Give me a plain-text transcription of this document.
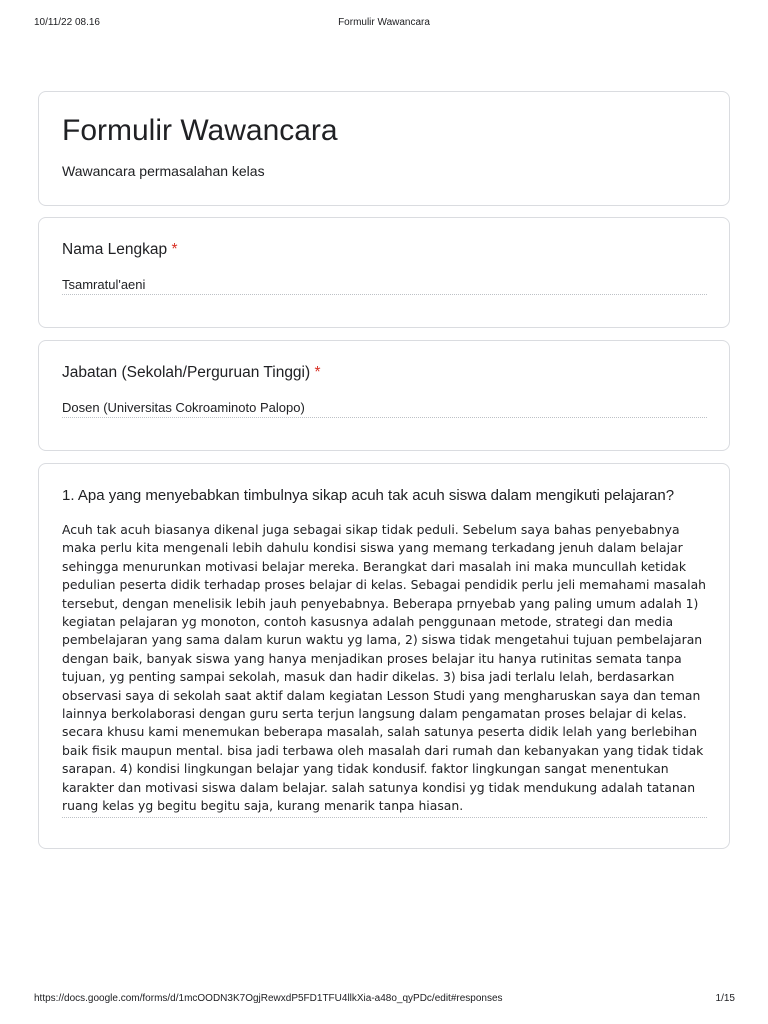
10/11/22 08.16	Formulir Wawancara
Formulir Wawancara
Wawancara permasalahan kelas
Nama Lengkap *
Tsamratul'aeni
Jabatan (Sekolah/Perguruan Tinggi) *
Dosen (Universitas Cokroaminoto Palopo)
1. Apa yang menyebabkan timbulnya sikap acuh tak acuh siswa dalam mengikuti pelajaran?
Acuh tak acuh biasanya dikenal juga sebagai sikap tidak peduli. Sebelum saya bahas penyebabnya
maka perlu kita mengenali lebih dahulu kondisi siswa yang memang terkadang jenuh dalam belajar
sehingga menurunkan motivasi belajar mereka. Berangkat dari masalah ini maka muncullah ketidak
pedulian peserta didik terhadap proses belajar di kelas. Sebagai pendidik perlu jeli memahami masalah
tersebut, dengan menelisik lebih jauh penyebabnya. Beberapa prnyebab yang paling umum adalah 1)
kegiatan pelajaran yg monoton, contoh kasusnya adalah penggunaan metode, strategi dan media
pembelajaran yang sama dalam kurun waktu yg lama, 2) siswa tidak mengetahui tujuan pembelajaran
dengan baik, banyak siswa yang hanya menjadikan proses belajar itu hanya rutinitas semata tanpa
tujuan, yg penting sampai sekolah, masuk dan hadir dikelas. 3) bisa jadi terlalu lelah, berdasarkan
observasi saya di sekolah saat aktif dalam kegiatan Lesson Studi yang mengharuskan saya dan teman
lainnya berkolaborasi dengan guru serta terjun langsung dalam pengamatan proses belajar di kelas.
secara khusu kami menemukan beberapa masalah, salah satunya peserta didik lelah yang berlebihan
baik fisik maupun mental. bisa jadi terbawa oleh masalah dari rumah dan kebanyakan yang tidak tidak
sarapan. 4) kondisi lingkungan belajar yang tidak kondusif. faktor lingkungan sangat menentukan
karakter dan motivasi siswa dalam belajar. salah satunya kondisi yg tidak mendukung adalah tatanan
ruang kelas yg begitu begitu saja, kurang menarik tanpa hiasan.
https://docs.google.com/forms/d/1mcOODN3K7OgjRewxdP5FD1TFU4llkXia-a48o_qyPDc/edit#responses	1/15
